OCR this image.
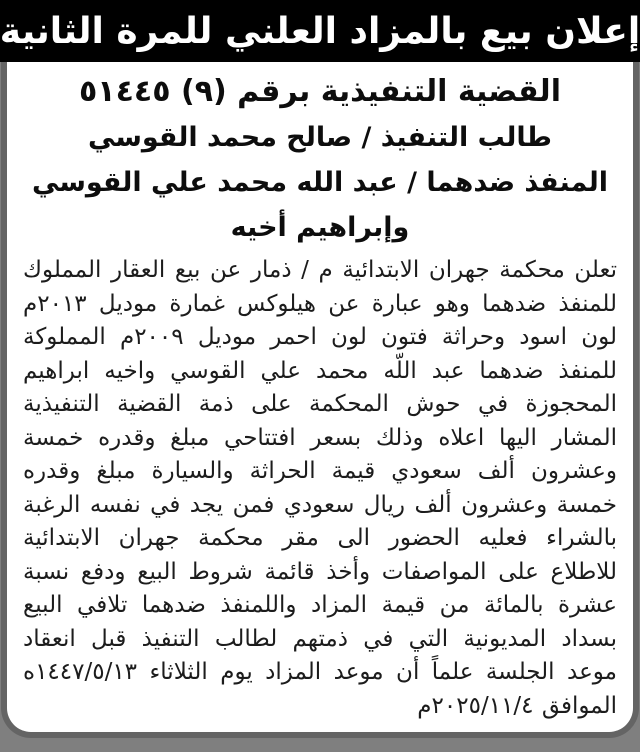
إعلان بيع بالمزاد العلني للمرة الثانية
القضية التنفيذية برقم (٩) ٥١٤٤٥
طالب التنفيذ / صالح محمد القوسي
المنفذ ضدهما / عبد الله محمد علي القوسي
وإبراهيم أخيه
تعلن محكمة جهران الابتدائية م / ذمار عن بيع العقار المملوك للمنفذ ضدهما وهو عبارة عن هيلوكس غمارة موديل ٢٠١٣م لون اسود وحراثة فتون لون احمر موديل ٢٠٠٩م المملوكة للمنفذ ضدهما عبد اللّه محمد علي القوسي واخيه ابراهيم المحجوزة في حوش المحكمة على ذمة القضية التنفيذية المشار اليها اعلاه وذلك بسعر افتتاحي مبلغ وقدره خمسة وعشرون ألف سعودي قيمة الحراثة والسيارة مبلغ وقدره خمسة وعشرون ألف ريال سعودي فمن يجد في نفسه الرغبة بالشراء فعليه الحضور الى مقر محكمة جهران الابتدائية للاطلاع على المواصفات وأخذ قائمة شروط البيع ودفع نسبة عشرة بالمائة من قيمة المزاد واللمنفذ ضدهما تلافي البيع بسداد المديونية التي في ذمتهم لطالب التنفيذ قبل انعقاد موعد الجلسة علماً أن موعد المزاد يوم الثلاثاء ١٤٤٧/٥/١٣ه الموافق ٢٠٢٥/١١/٤م
